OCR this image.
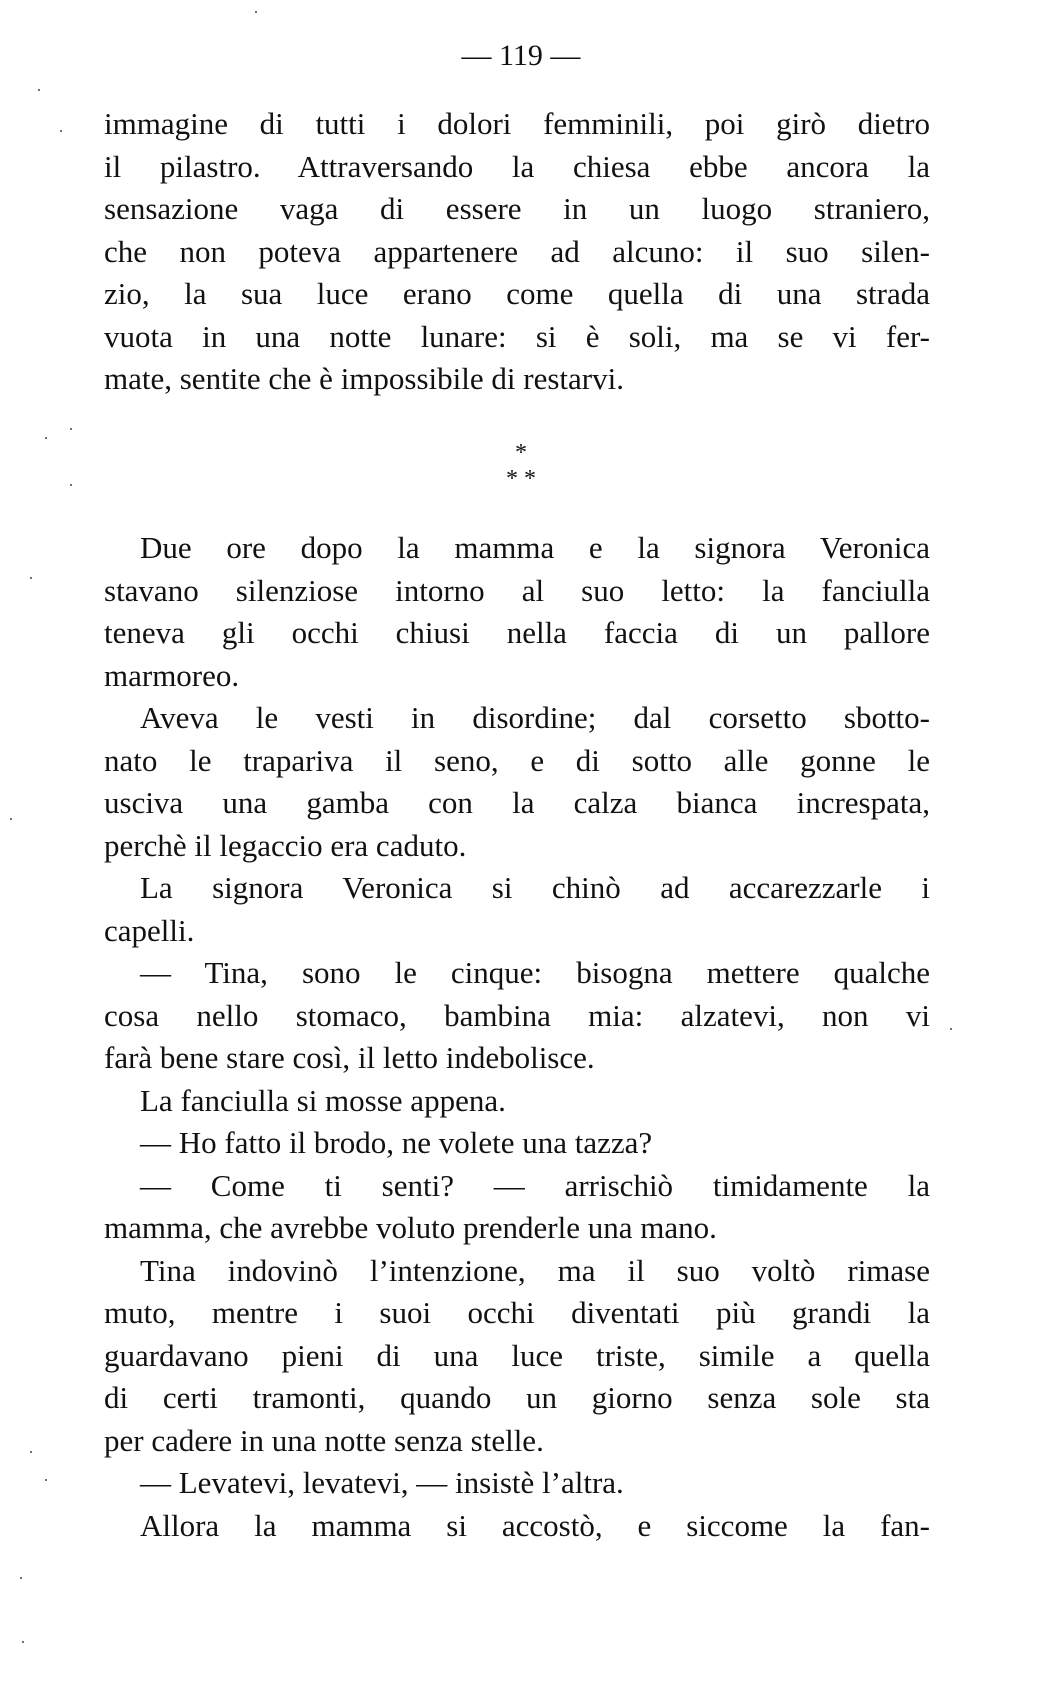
— 119 —
immagine di tutti i dolori femminili, poi girò dietro
il pilastro. Attraversando la chiesa ebbe ancora la
sensazione vaga di essere in un luogo straniero,
che non poteva appartenere ad alcuno: il suo silen-
zio, la sua luce erano come quella di una strada
vuota in una notte lunare: si è soli, ma se vi fer-
mate, sentite che è impossibile di restarvi.
*
* *
Due ore dopo la mamma e la signora Veronica
stavano silenziose intorno al suo letto: la fanciulla
teneva gli occhi chiusi nella faccia di un pallore
marmoreo.
Aveva le vesti in disordine; dal corsetto sbotto-
nato le trapariva il seno, e di sotto alle gonne le
usciva una gamba con la calza bianca increspata,
perchè il legaccio era caduto.
La signora Veronica si chinò ad accarezzarle i
capelli.
— Tina, sono le cinque: bisogna mettere qualche
cosa nello stomaco, bambina mia: alzatevi, non vi
farà bene stare così, il letto indebolisce.
La fanciulla si mosse appena.
— Ho fatto il brodo, ne volete una tazza?
— Come ti senti? — arrischiò timidamente la
mamma, che avrebbe voluto prenderle una mano.
Tina indovinò l’intenzione, ma il suo voltò rimase
muto, mentre i suoi occhi diventati più grandi la
guardavano pieni di una luce triste, simile a quella
di certi tramonti, quando un giorno senza sole sta
per cadere in una notte senza stelle.
— Levatevi, levatevi, — insistè l’altra.
Allora la mamma si accostò, e siccome la fan-
